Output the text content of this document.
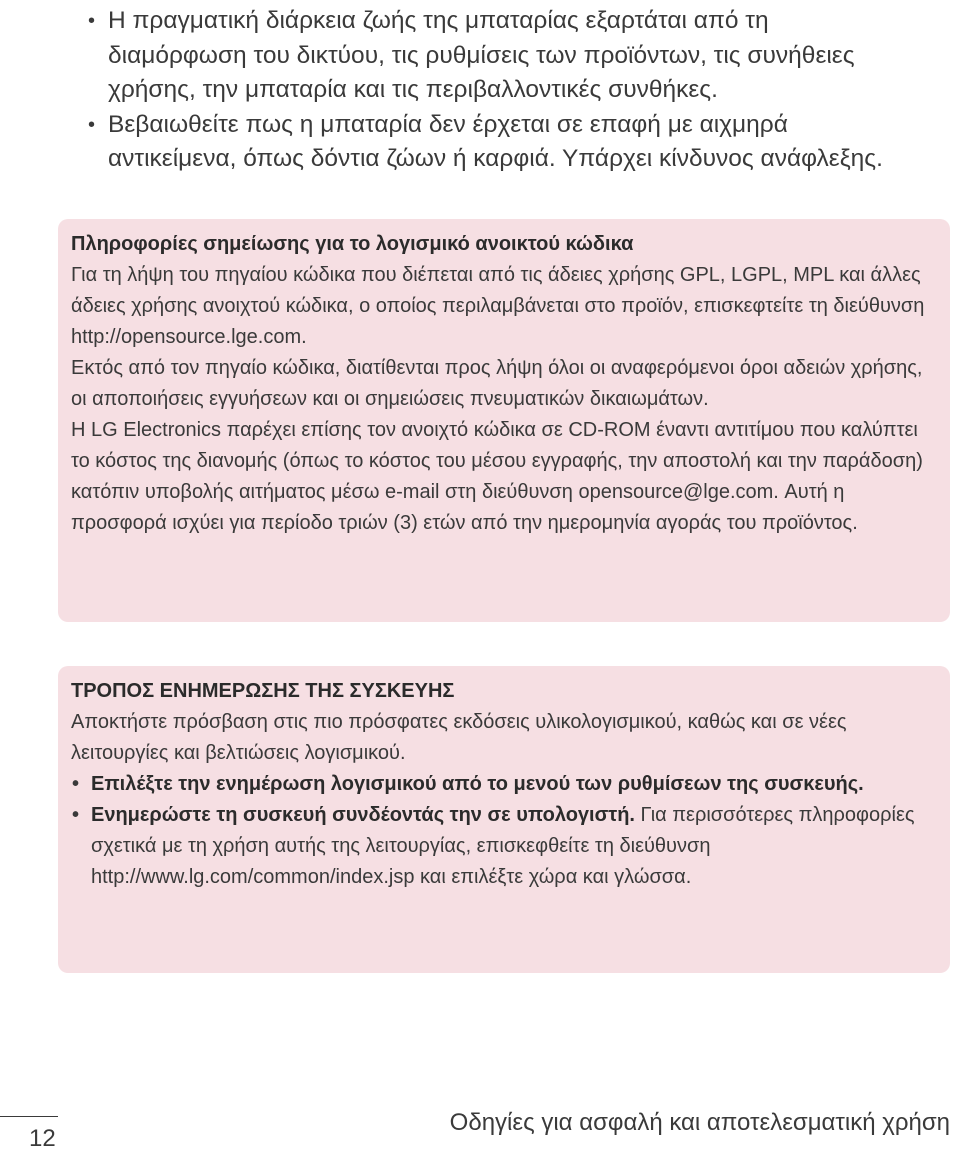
• Η πραγματική διάρκεια ζωής της μπαταρίας εξαρτάται από τη διαμόρφωση του δικτύου, τις ρυθμίσεις των προϊόντων, τις συνήθειες χρήσης, την μπαταρία και τις περιβαλλοντικές συνθήκες.
• Βεβαιωθείτε πως η μπαταρία δεν έρχεται σε επαφή με αιχμηρά αντικείμενα, όπως δόντια ζώων ή καρφιά. Υπάρχει κίνδυνος ανάφλεξης.
Πληροφορίες σημείωσης για το λογισμικό ανοικτού κώδικα

Για τη λήψη του πηγαίου κώδικα που διέπεται από τις άδειες χρήσης GPL, LGPL, MPL και άλλες άδειες χρήσης ανοιχτού κώδικα, ο οποίος περιλαμβάνεται στο προϊόν, επισκεφτείτε τη διεύθυνση http://opensource.lge.com.

Εκτός από τον πηγαίο κώδικα, διατίθενται προς λήψη όλοι οι αναφερόμενοι όροι αδειών χρήσης, οι αποποιήσεις εγγυήσεων και οι σημειώσεις πνευματικών δικαιωμάτων.

Η LG Electronics παρέχει επίσης τον ανοιχτό κώδικα σε CD-ROM έναντι αντιτίμου που καλύπτει το κόστος της διανομής (όπως το κόστος του μέσου εγγραφής, την αποστολή και την παράδοση) κατόπιν υποβολής αιτήματος μέσω e-mail στη διεύθυνση opensource@lge.com. Αυτή η προσφορά ισχύει για περίοδο τριών (3) ετών από την ημερομηνία αγοράς του προϊόντος.

ΤΡΟΠΟΣ ΕΝΗΜΕΡΩΣΗΣ ΤΗΣ ΣΥΣΚΕΥΗΣ

Αποκτήστε πρόσβαση στις πιο πρόσφατες εκδόσεις υλικολογισμικού, καθώς και σε νέες λειτουργίες και βελτιώσεις λογισμικού.

• Επιλέξτε την ενημέρωση λογισμικού από το μενού των ρυθμίσεων της συσκευής.
• Ενημερώστε τη συσκευή συνδέοντάς την σε υπολογιστή. Για περισσότερες πληροφορίες σχετικά με τη χρήση αυτής της λειτουργίας, επισκεφθείτε τη διεύθυνση http://www.lg.com/common/index.jsp και επιλέξτε χώρα και γλώσσα.
12
Οδηγίες για ασφαλή και αποτελεσματική χρήση
